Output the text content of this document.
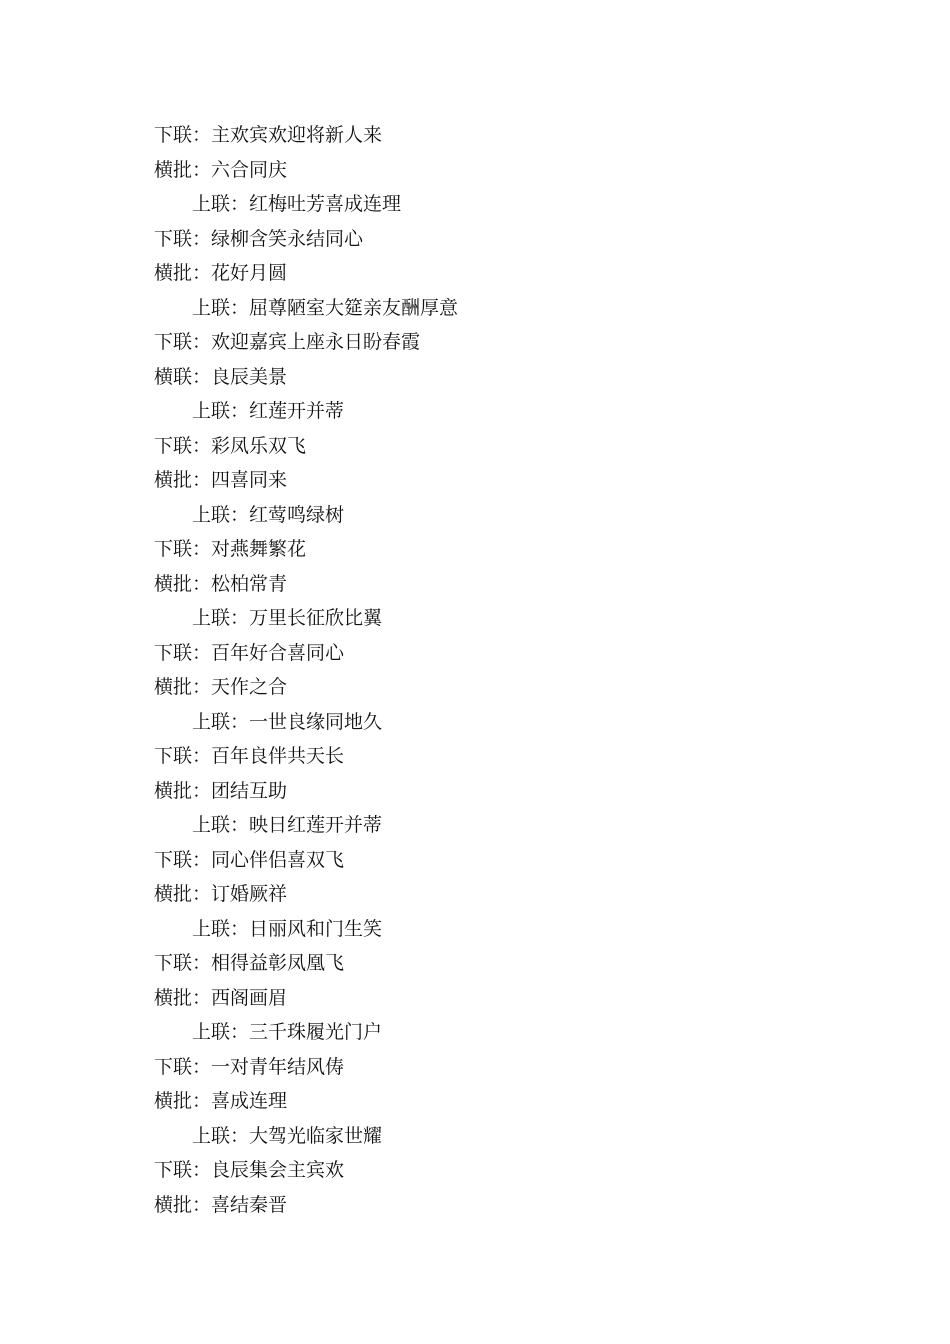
下联：主欢宾欢迎将新人来
横批：六合同庆
上联：红梅吐芳喜成连理
下联：绿柳含笑永结同心
横批：花好月圆
上联：屈尊陋室大筵亲友酬厚意
下联：欢迎嘉宾上座永日盼春霞
横联：良辰美景
上联：红莲开并蒂
下联：彩凤乐双飞
横批：四喜同来
上联：红莺鸣绿树
下联：对燕舞繁花
横批：松柏常青
上联：万里长征欣比翼
下联：百年好合喜同心
横批：天作之合
上联：一世良缘同地久
下联：百年良伴共天长
横批：团结互助
上联：映日红莲开并蒂
下联：同心伴侣喜双飞
横批：订婚厥祥
上联：日丽风和门生笑
下联：相得益彰凤凰飞
横批：西阁画眉
上联：三千珠履光门户
下联：一对青年结风俦
横批：喜成连理
上联：大驾光临家世耀
下联：良辰集会主宾欢
横批：喜结秦晋
